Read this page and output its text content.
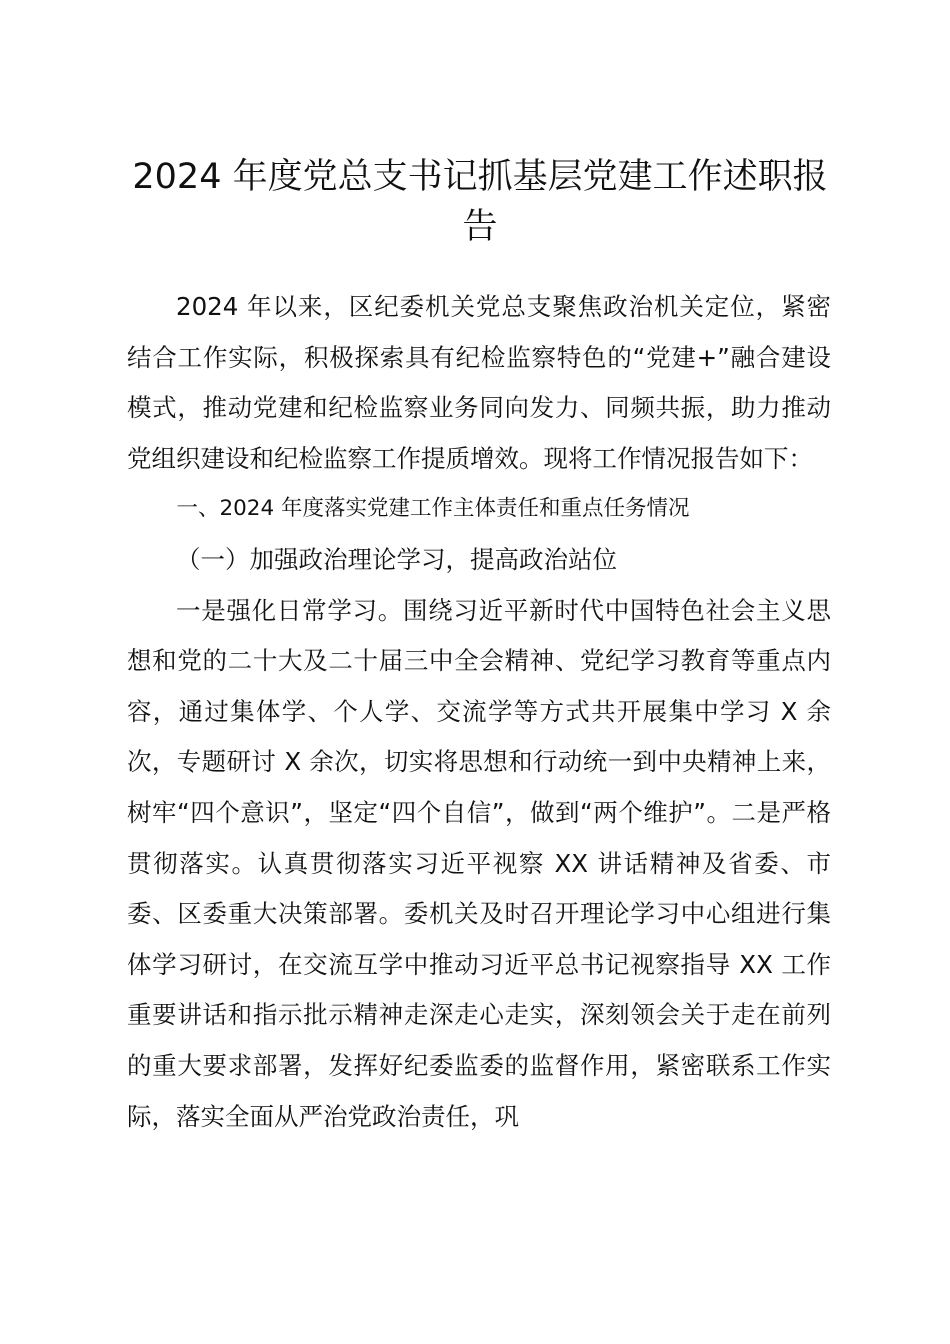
2024 年度党总支书记抓基层党建工作述职报告

2024 年以来，区纪委机关党总支聚焦政治机关定位，紧密结合工作实际，积极探索具有纪检监察特色的“党建+”融合建设模式，推动党建和纪检监察业务同向发力、同频共振，助力推动党组织建设和纪检监察工作提质增效。现将工作情况报告如下：

一、2024 年度落实党建工作主体责任和重点任务情况

（一）加强政治理论学习，提高政治站位

一是强化日常学习。围绕习近平新时代中国特色社会主义思想和党的二十大及二十届三中全会精神、党纪学习教育等重点内容，通过集体学、个人学、交流学等方式共开展集中学习 X 余次，专题研讨 X 余次，切实将思想和行动统一到中央精神上来，树牢“四个意识”，坚定“四个自信”，做到“两个维护”。二是严格贯彻落实。认真贯彻落实习近平视察 XX 讲话精神及省委、市委、区委重大决策部署。委机关及时召开理论学习中心组进行集体学习研讨，在交流互学中推动习近平总书记视察指导 XX 工作重要讲话和指示批示精神走深走心走实，深刻领会关于走在前列的重大要求部署，发挥好纪委监委的监督作用，紧密联系工作实际，落实全面从严治党政治责任，巩
